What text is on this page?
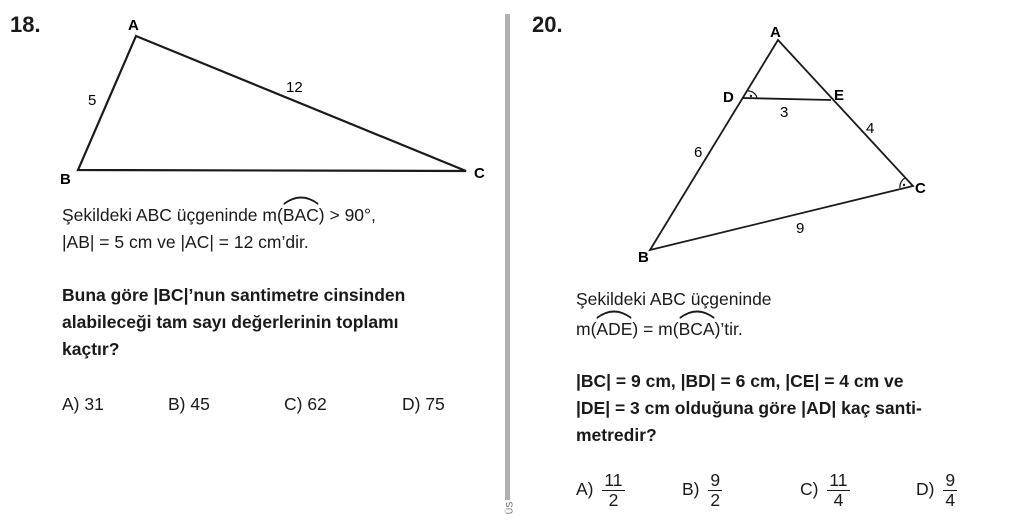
18.	A
B	C
5
12
Şekildeki ABC üçgeninde m(BAC
) > 90°,
|AB| = 5 cm ve |AC| = 12 cm’dir.
Buna göre |BC|’nun santimetre cinsinden
alabileceği tam sayı değerlerinin toplamı
kaçtır?
A) 31	B) 45	C) 62	D) 75
ÜS
20.	A
D	E
C
B
3
4
6
9
Şekildeki ABC üçgeninde
m(ADE
) = m(BCA
)’tir.
|BC| = 9 cm, |BD| = 6 cm, |CE| = 4 cm ve
|DE| = 3 cm olduğuna göre |AD| kaç santi-
metredir?
$A) \frac{11}{2}$	$B) \frac{9}{2}$	$C) \frac{11}{4}$	$D) \frac{9}{4}$
